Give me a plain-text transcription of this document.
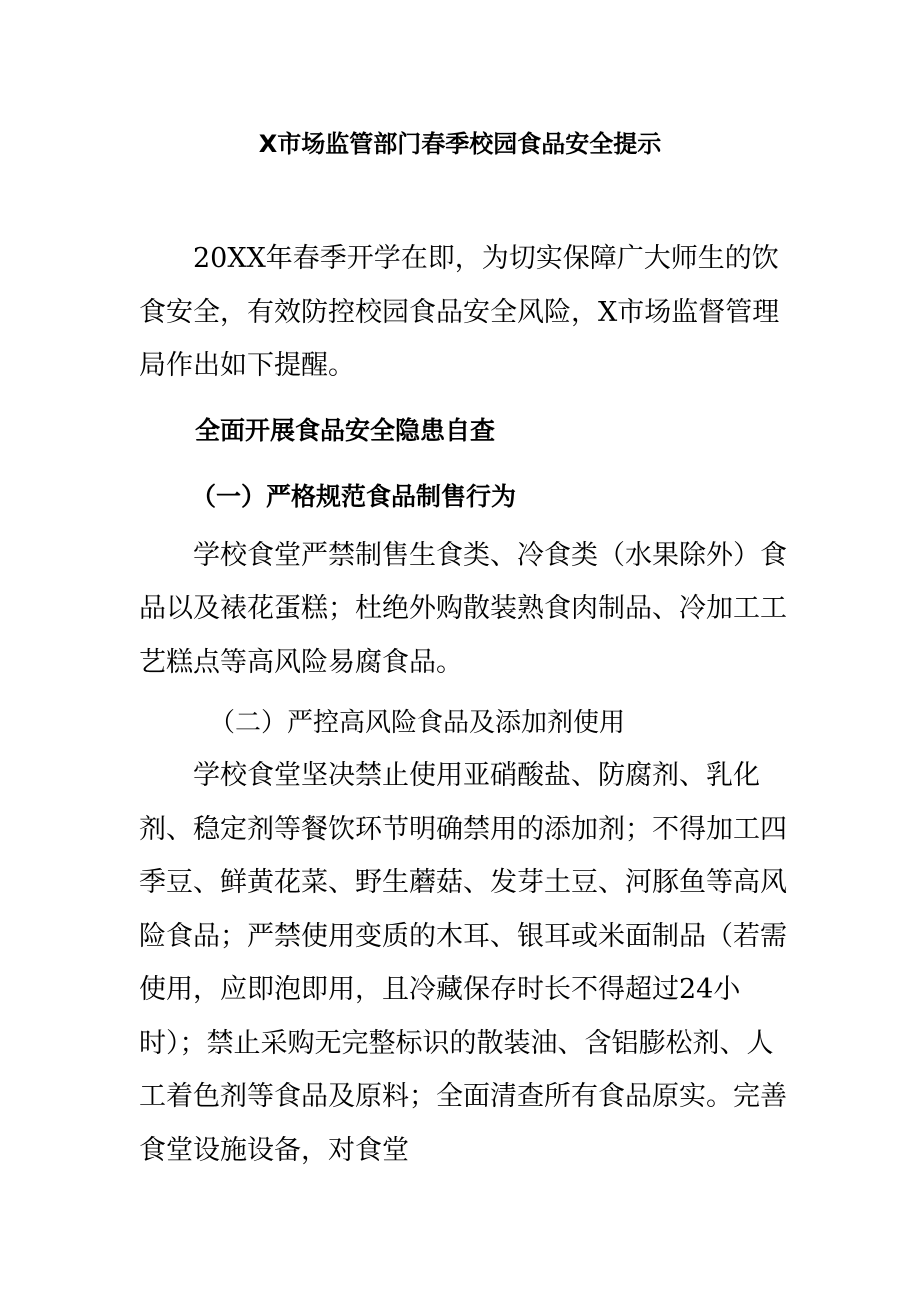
X市场监管部门春季校园食品安全提示

20XX年春季开学在即，为切实保障广大师生的饮食安全，有效防控校园食品安全风险，X市场监督管理局作出如下提醒。

全面开展食品安全隐患自查
（一）严格规范食品制售行为

学校食堂严禁制售生食类、冷食类（水果除外）食品以及裱花蛋糕；杜绝外购散装熟食肉制品、冷加工工艺糕点等高风险易腐食品。

（二）严控高风险食品及添加剂使用

学校食堂坚决禁止使用亚硝酸盐、防腐剂、乳化剂、稳定剂等餐饮环节明确禁用的添加剂；不得加工四季豆、鲜黄花菜、野生蘑菇、发芽土豆、河豚鱼等高风险食品；严禁使用变质的木耳、银耳或米面制品（若需使用，应即泡即用，且冷藏保存时长不得超过24小时）；禁止采购无完整标识的散装油、含铝膨松剂、人工着色剂等食品及原料；全面清查所有食品原实。完善食堂设施设备，对食堂
